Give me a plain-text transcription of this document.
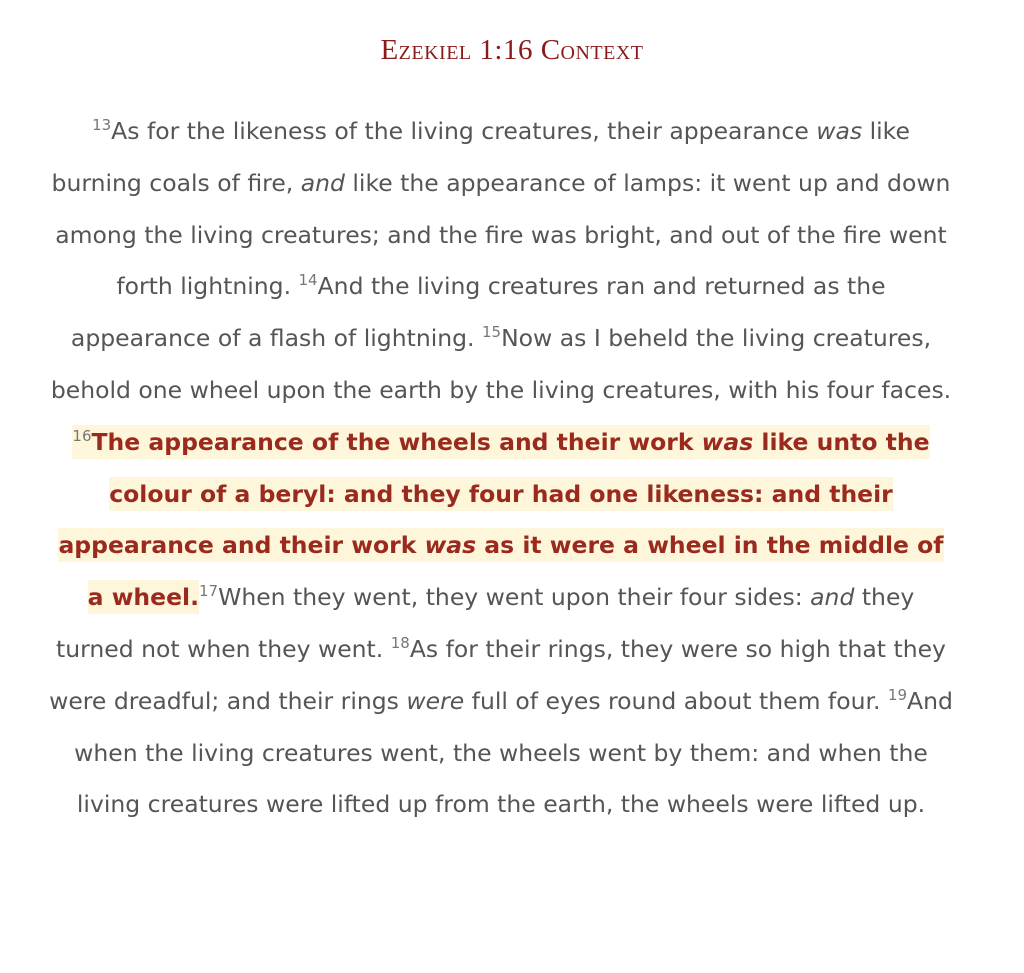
Ezekiel 1:16 Context

$^{13}$As for the likeness of the living creatures, their appearance was like burning coals of fire, and like the appearance of lamps: it went up and down among the living creatures; and the fire was bright, and out of the fire went forth lightning. $^{14}$And the living creatures ran and returned as the appearance of a flash of lightning. $^{15}$Now as I beheld the living creatures, behold one wheel upon the earth by the living creatures, with his four faces. $^{16}$The appearance of the wheels and their work was like unto the colour of a beryl: and they four had one likeness: and their appearance and their work was as it were a wheel in the middle of a wheel.$^{17}$When they went, they went upon their four sides: and they turned not when they went. $^{18}$As for their rings, they were so high that they were dreadful; and their rings were full of eyes round about them four. $^{19}$And when the living creatures went, the wheels went by them: and when the living creatures were lifted up from the earth, the wheels were lifted up.
